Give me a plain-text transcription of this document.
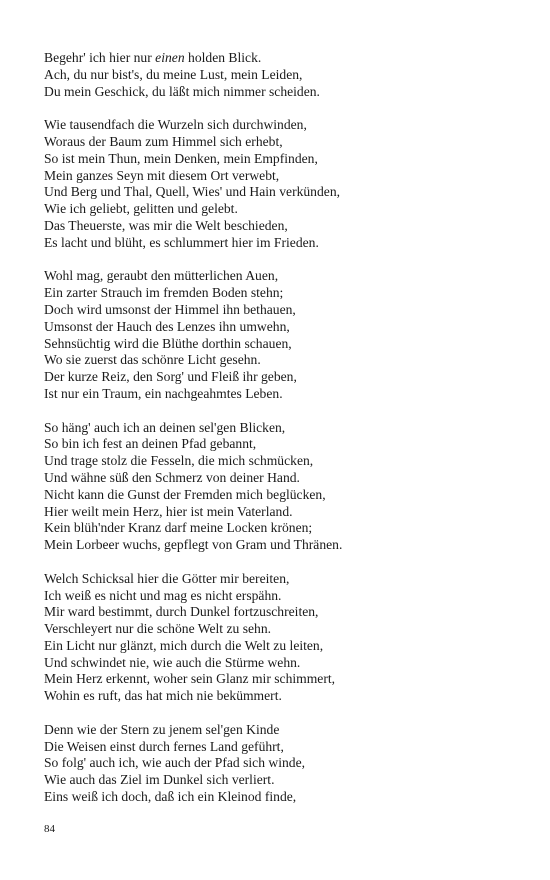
Begehr' ich hier nur einen holden Blick.
Ach, du nur bist's, du meine Lust, mein Leiden,
Du mein Geschick, du läßt mich nimmer scheiden.
Wie tausendfach die Wurzeln sich durchwinden,
Woraus der Baum zum Himmel sich erhebt,
So ist mein Thun, mein Denken, mein Empfinden,
Mein ganzes Seyn mit diesem Ort verwebt,
Und Berg und Thal, Quell, Wies' und Hain verkünden,
Wie ich geliebt, gelitten und gelebt.
Das Theuerste, was mir die Welt beschieden,
Es lacht und blüht, es schlummert hier im Frieden.
Wohl mag, geraubt den mütterlichen Auen,
Ein zarter Strauch im fremden Boden stehn;
Doch wird umsonst der Himmel ihn bethauen,
Umsonst der Hauch des Lenzes ihn umwehn,
Sehnsüchtig wird die Blüthe dorthin schauen,
Wo sie zuerst das schönre Licht gesehn.
Der kurze Reiz, den Sorg' und Fleiß ihr geben,
Ist nur ein Traum, ein nachgeahmtes Leben.
So häng' auch ich an deinen sel'gen Blicken,
So bin ich fest an deinen Pfad gebannt,
Und trage stolz die Fesseln, die mich schmücken,
Und wähne süß den Schmerz von deiner Hand.
Nicht kann die Gunst der Fremden mich beglücken,
Hier weilt mein Herz, hier ist mein Vaterland.
Kein blüh'nder Kranz darf meine Locken krönen;
Mein Lorbeer wuchs, gepflegt von Gram und Thränen.
Welch Schicksal hier die Götter mir bereiten,
Ich weiß es nicht und mag es nicht erspähn.
Mir ward bestimmt, durch Dunkel fortzuschreiten,
Verschleyert nur die schöne Welt zu sehn.
Ein Licht nur glänzt, mich durch die Welt zu leiten,
Und schwindet nie, wie auch die Stürme wehn.
Mein Herz erkennt, woher sein Glanz mir schimmert,
Wohin es ruft, das hat mich nie bekümmert.
Denn wie der Stern zu jenem sel'gen Kinde
Die Weisen einst durch fernes Land geführt,
So folg' auch ich, wie auch der Pfad sich winde,
Wie auch das Ziel im Dunkel sich verliert.
Eins weiß ich doch, daß ich ein Kleinod finde,
84
